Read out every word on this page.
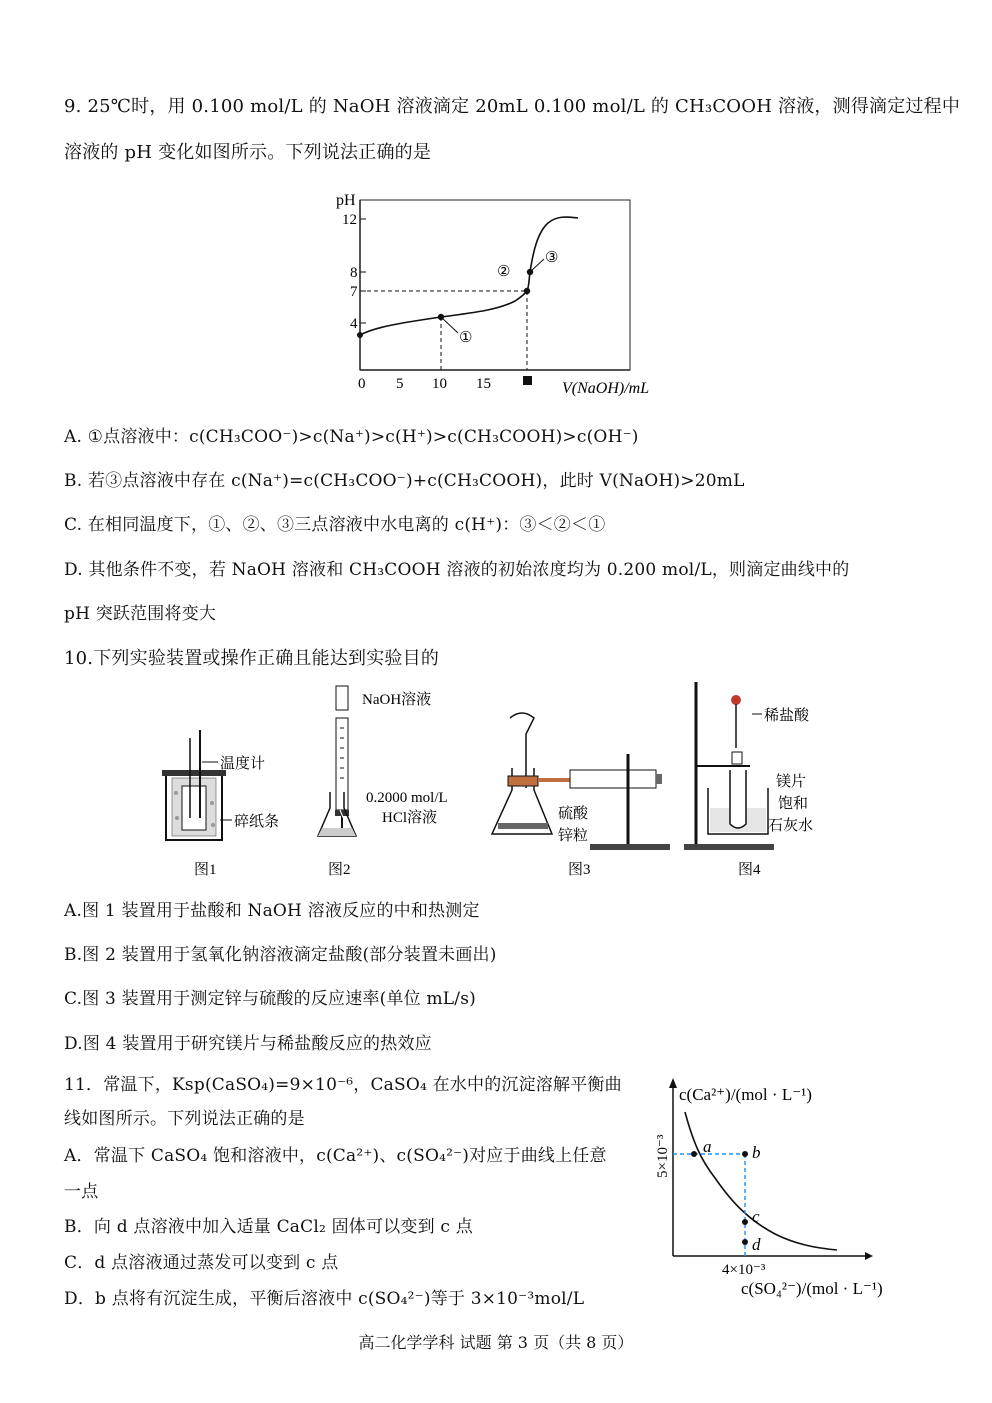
9. 25℃时，用 0.100 mol/L 的 NaOH 溶液滴定 20mL 0.100 mol/L 的 CH₃COOH 溶液，测得滴定过程中
溶液的 pH 变化如图所示。下列说法正确的是
pH
12
8
7
4
0 5 10 15	V(NaOH)/mL
①
②
③
A. ①点溶液中：c(CH₃COO⁻)>c(Na⁺)>c(H⁺)>c(CH₃COOH)>c(OH⁻)
B. 若③点溶液中存在 c(Na⁺)=c(CH₃COO⁻)+c(CH₃COOH)，此时 V(NaOH)>20mL
C. 在相同温度下，①、②、③三点溶液中水电离的 c(H⁺)：③＜②＜①
D. 其他条件不变，若 NaOH 溶液和 CH₃COOH 溶液的初始浓度均为 0.200 mol/L，则滴定曲线中的
pH 突跃范围将变大
10.下列实验装置或操作正确且能达到实验目的
温度计
碎纸条
图1
NaOH溶液
0.2000 mol/L
HCl溶液
图2
硫酸
锌粒
图3
稀盐酸
镁片
饱和
石灰水
图4
A.图 1 装置用于盐酸和 NaOH 溶液反应的中和热测定
B.图 2 装置用于氢氧化钠溶液滴定盐酸(部分装置未画出)
C.图 3 装置用于测定锌与硫酸的反应速率(单位 mL/s)
D.图 4 装置用于研究镁片与稀盐酸反应的热效应
11．常温下，Ksp(CaSO₄)=9×10⁻⁶，CaSO₄ 在水中的沉淀溶解平衡曲
线如图所示。下列说法正确的是
A．常温下 CaSO₄ 饱和溶液中，c(Ca²⁺)、c(SO₄²⁻)对应于曲线上任意
一点
B．向 d 点溶液中加入适量 CaCl₂ 固体可以变到 c 点
C．d 点溶液通过蒸发可以变到 c 点
D．b 点将有沉淀生成，平衡后溶液中 c(SO₄²⁻)等于 3×10⁻³mol/L
c(Ca²⁺)/(mol · L⁻¹)
c(SO₄²⁻)/(mol · L⁻¹)
5×10⁻³
4×10⁻³
a b
c
d
高二化学学科 试题 第 3 页（共 8 页）
